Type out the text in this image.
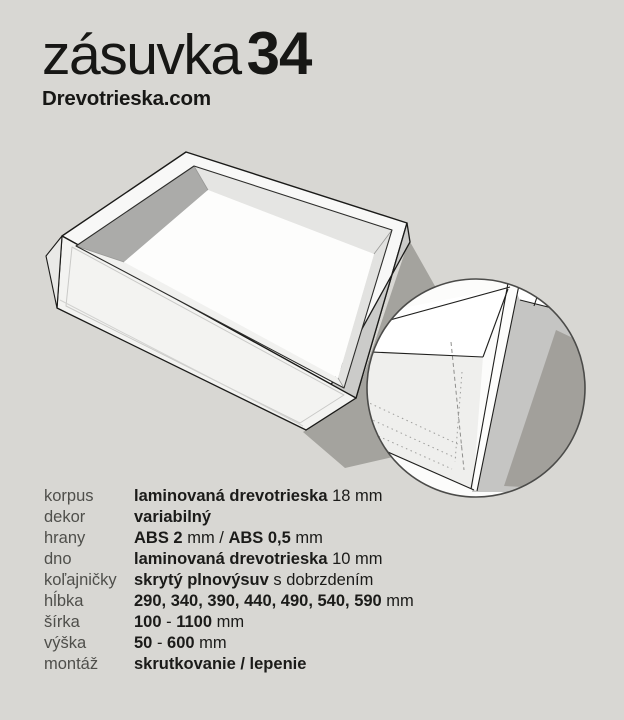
zásuvka 34
Drevotrieska.com
korpus	laminovaná drevotrieska 18 mm
dekor	variabilný
hrany	ABS 2 mm / ABS 0,5 mm
dno	laminovaná drevotrieska 10 mm
koľajničky	skrytý plnovýsuv s dobrzdením
hĺbka	290, 340, 390, 440, 490, 540, 590 mm
šírka	100 - 1100 mm
výška	50 - 600 mm
montáž	skrutkovanie / lepenie
